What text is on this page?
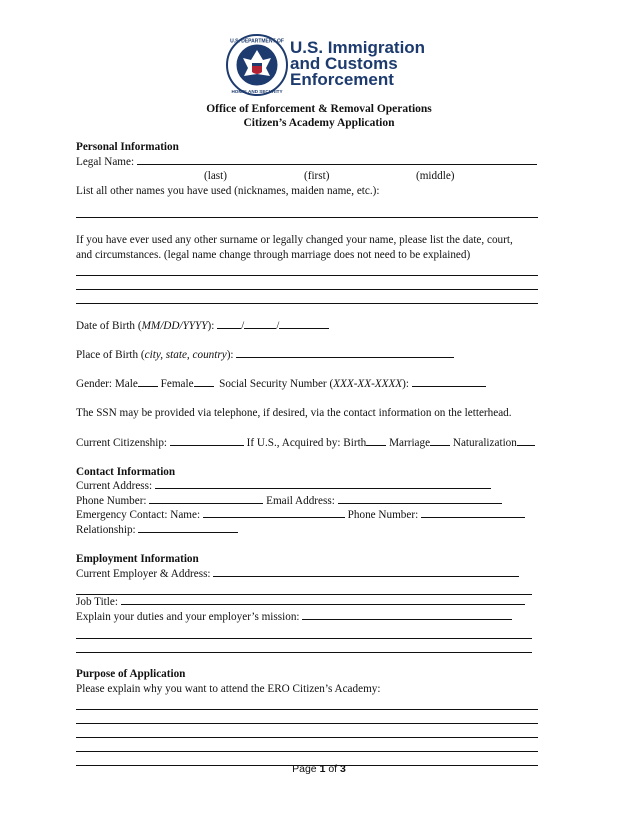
U.S. DEPARTMENT OF
HOMELAND SECURITY
U.S. Immigration
and Customs
Enforcement
Office of Enforcement & Removal Operations
Citizen’s Academy Application

Personal Information

Legal Name:

(last)	(first)	(middle)

List all other names you have used (nicknames, maiden name, etc.):

If you have ever used any other surname or legally changed your name, please list the date, court,

and circumstances. (legal name change through marriage does not need to be explained)

Date of Birth (MM/DD/YYYY): /	/

Place of Birth (city, state, country):

Gender: Male Female Social Security Number (XXX-XX-XXXX):

The SSN may be provided via telephone, if desired, via the contact information on the letterhead.

Current Citizenship:	If U.S., Acquired by: Birth Marriage Naturalization

Contact Information

Current Address:

Phone Number:	Email Address:

Emergency Contact: Name:	Phone Number:

Relationship:

Employment Information

Current Employer & Address:

Job Title:

Explain your duties and your employer’s mission:

Purpose of Application

Please explain why you want to attend the ERO Citizen’s Academy:

Page 1 of 3
